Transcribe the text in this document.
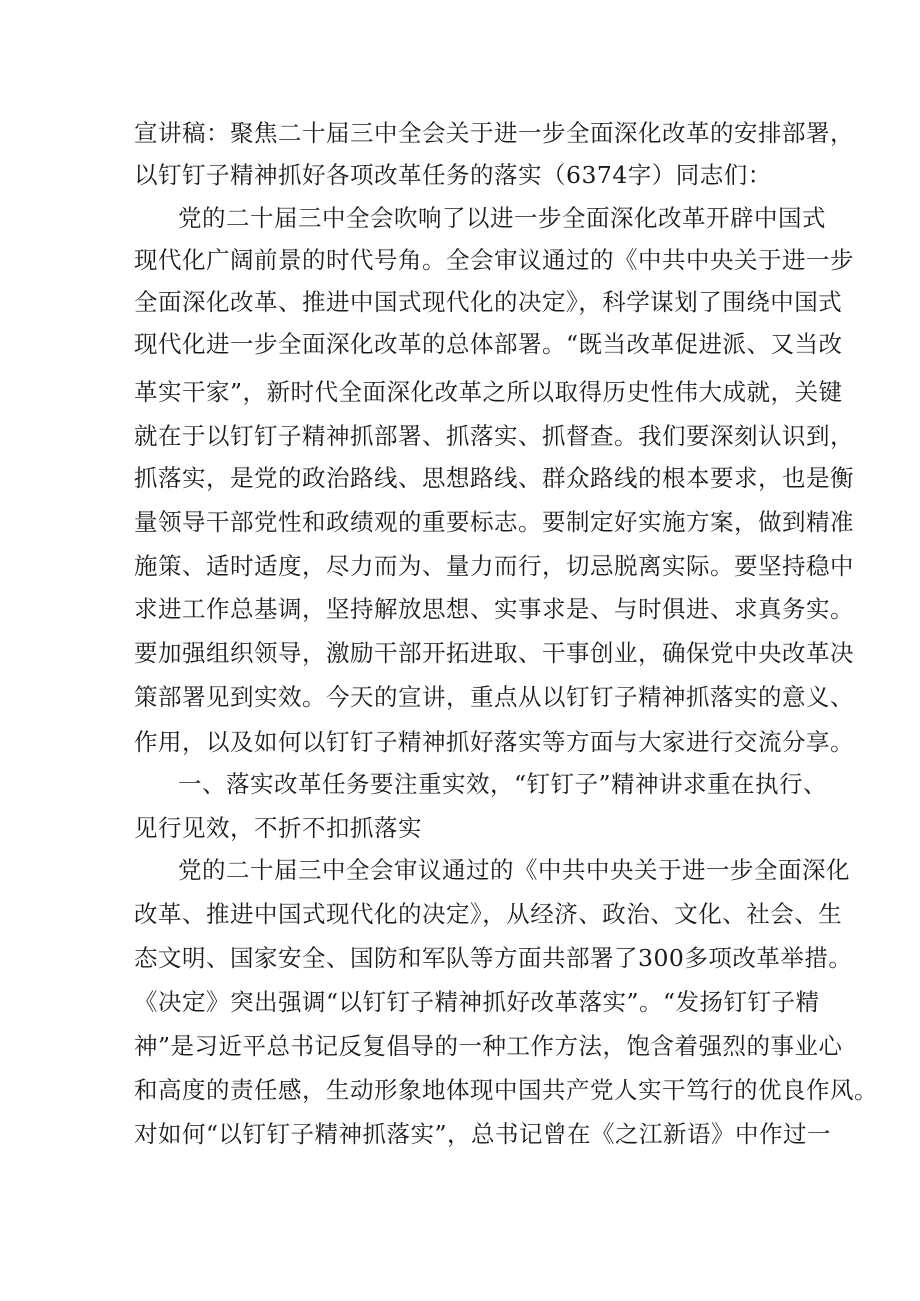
宣讲稿：聚焦二十届三中全会关于进一步全面深化改革的安排部署，
以钉钉子精神抓好各项改革任务的落实（6374字）同志们：
党的二十届三中全会吹响了以进一步全面深化改革开辟中国式
现代化广阔前景的时代号角。全会审议通过的《中共中央关于进一步
全面深化改革、推进中国式现代化的决定》，科学谋划了围绕中国式
现代化进一步全面深化改革的总体部署。“既当改革促进派、又当改
革实干家”，新时代全面深化改革之所以取得历史性伟大成就，关键
就在于以钉钉子精神抓部署、抓落实、抓督查。我们要深刻认识到，
抓落实，是党的政治路线、思想路线、群众路线的根本要求，也是衡
量领导干部党性和政绩观的重要标志。要制定好实施方案，做到精准
施策、适时适度，尽力而为、量力而行，切忌脱离实际。要坚持稳中
求进工作总基调，坚持解放思想、实事求是、与时俱进、求真务实。
要加强组织领导，激励干部开拓进取、干事创业，确保党中央改革决
策部署见到实效。今天的宣讲，重点从以钉钉子精神抓落实的意义、
作用，以及如何以钉钉子精神抓好落实等方面与大家进行交流分享。
一、落实改革任务要注重实效，“钉钉子”精神讲求重在执行、
见行见效，不折不扣抓落实
党的二十届三中全会审议通过的《中共中央关于进一步全面深化
改革、推进中国式现代化的决定》，从经济、政治、文化、社会、生
态文明、国家安全、国防和军队等方面共部署了300多项改革举措。
《决定》突出强调“以钉钉子精神抓好改革落实”。“发扬钉钉子精
神”是习近平总书记反复倡导的一种工作方法，饱含着强烈的事业心
和高度的责任感，生动形象地体现中国共产党人实干笃行的优良作风。
对如何“以钉钉子精神抓落实”，总书记曾在《之江新语》中作过一
